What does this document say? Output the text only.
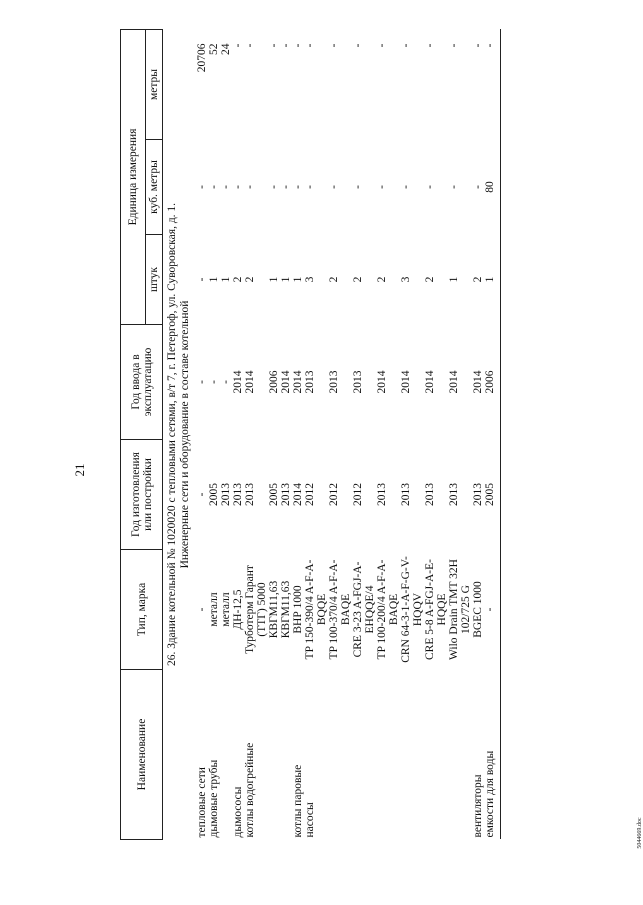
21
5044669.doc
Наименование	Тип, марка	Год изготовления или постройки	Год ввода в эксплуатацию	Единица измерения		
				штук	куб. метры	метры

26. Здание котельной № 1020020 с тепловыми сетями, в/т 7, г. Петергоф, ул. Суворовская, д. 1. Инженерные сети и оборудование в составе котельной						

тепловые сети	-	-	-	-	-	20706
дымовые трубы	металл	2005	-	1	-	52
	металл	2013	-	1	-	24
дымососы	ДН-12,5	2013	2014	2	-	-
котлы водогрейные	Турботерм Гарант (ТТГ) 5000	2013	2014	2	-	-
	КВГМ11,63	2005	2006	1	-	-
	КВГМ11,63	2013	2014	1	-	-
котлы паровые	ВНР 1000	2014	2014	1	-	-
насосы	TP 150-390/4 A-F-A-BQQE	2012	2013	3	-	-
	TP 100-370/4 A-F-A-BAQE	2012	2013	2	-	-
	CRE 3-23 A-FGJ-A-EHQQE/4	2012	2013	2	-	-
	TP 100-200/4 A-F-A-BAQE	2013	2014	2	-	-
	CRN 64-3-1-A-F-G-V-HQQV	2013	2014	3	-	-
	CRE 5-8 A-FGJ-A-E-HQQE	2013	2014	2	-	-
	Wilo Drain TMT 32H 102/725 G	2013	2014	1	-	-
вентиляторы	BGEC 1000	2013	2014	2	-	-
емкости для воды	-	2005	2006	1	80	-
